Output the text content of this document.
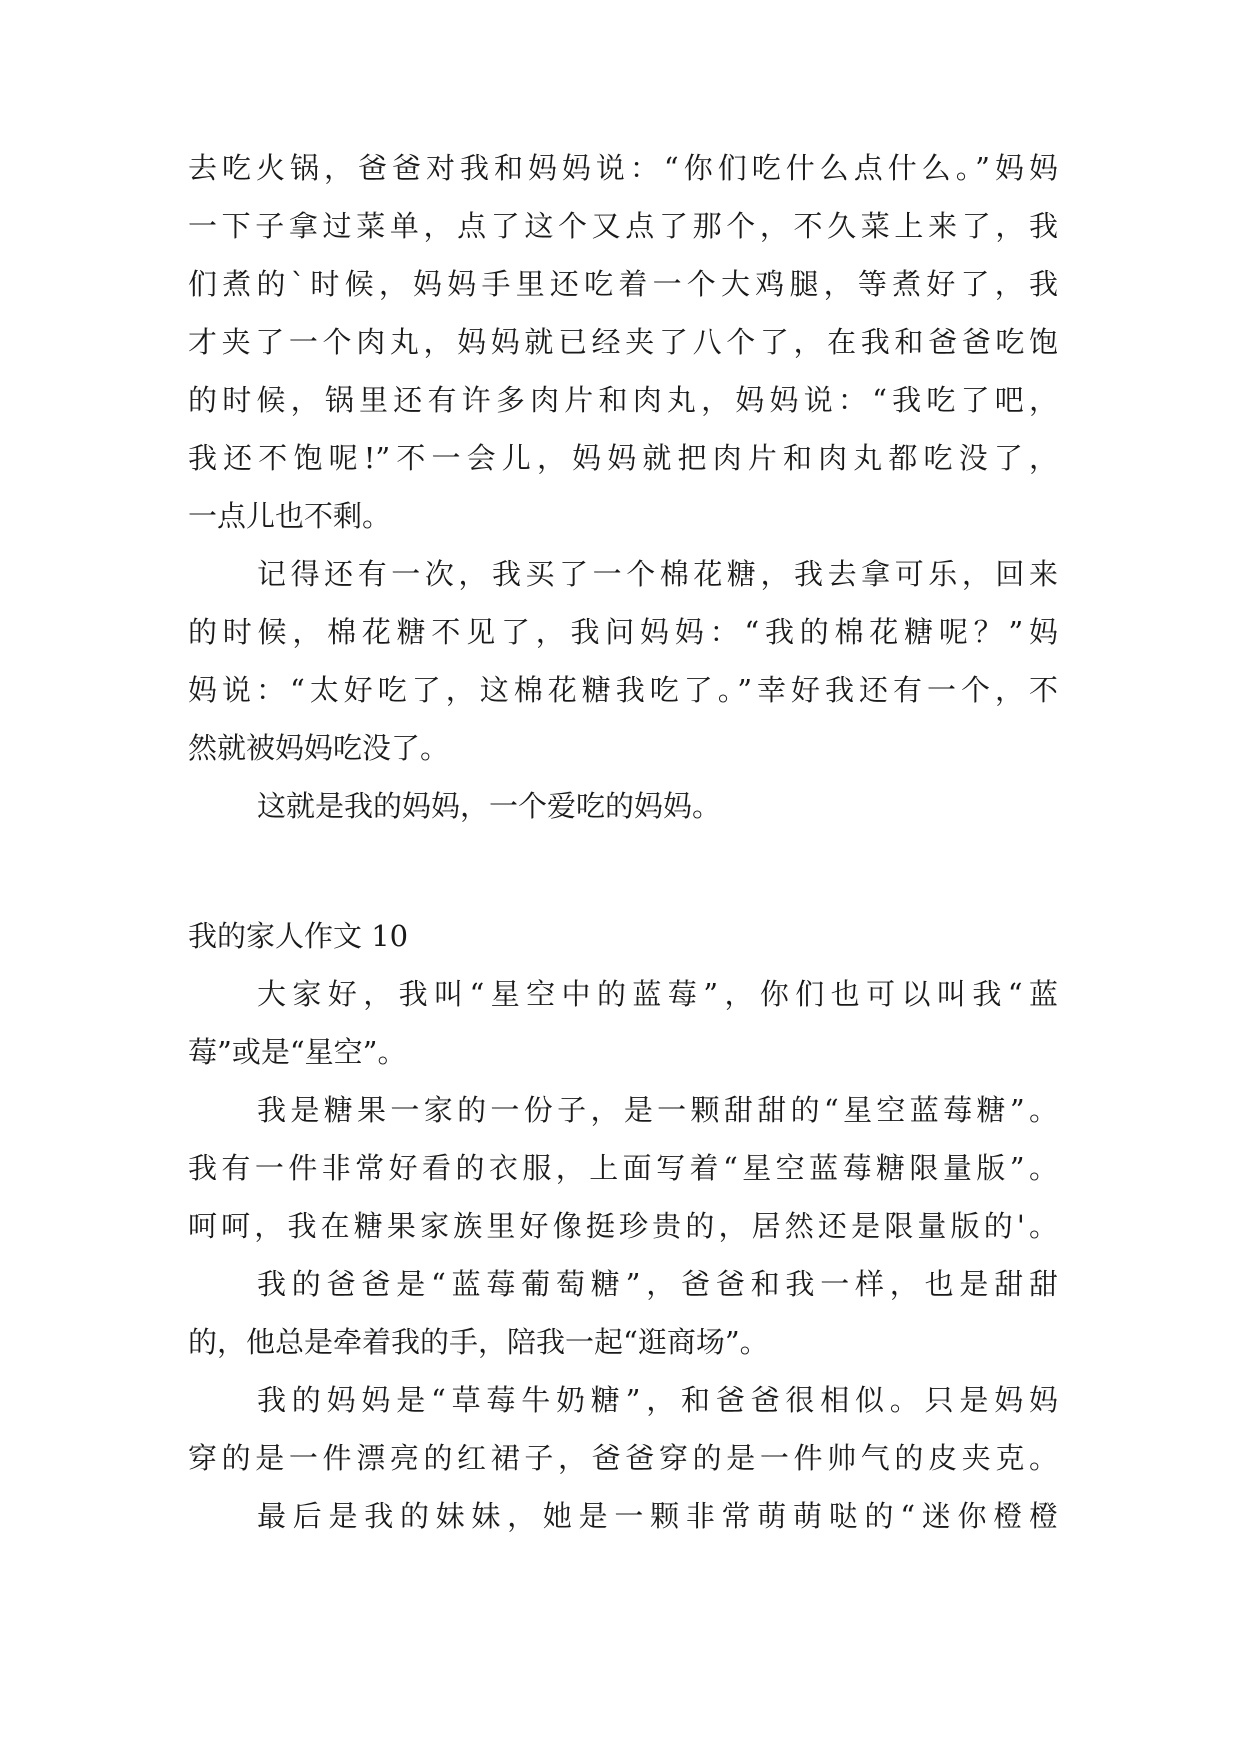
去吃火锅，爸爸对我和妈妈说：“你们吃什么点什么。”妈妈
一下子拿过菜单，点了这个又点了那个，不久菜上来了，我
们煮的`时候，妈妈手里还吃着一个大鸡腿，等煮好了，我
才夹了一个肉丸，妈妈就已经夹了八个了，在我和爸爸吃饱
的时候，锅里还有许多肉片和肉丸，妈妈说：“我吃了吧，
我还不饱呢!”不一会儿，妈妈就把肉片和肉丸都吃没了，
一点儿也不剩。
记得还有一次，我买了一个棉花糖，我去拿可乐，回来
的时候，棉花糖不见了，我问妈妈：“我的棉花糖呢？”妈
妈说：“太好吃了，这棉花糖我吃了。”幸好我还有一个，不
然就被妈妈吃没了。
这就是我的妈妈，一个爱吃的妈妈。
我的家人作文 10
大家好，我叫“星空中的蓝莓”，你们也可以叫我“蓝
莓”或是“星空”。
我是糖果一家的一份子，是一颗甜甜的“星空蓝莓糖”。
我有一件非常好看的衣服，上面写着“星空蓝莓糖限量版”。
呵呵，我在糖果家族里好像挺珍贵的，居然还是限量版的'。
我的爸爸是“蓝莓葡萄糖”，爸爸和我一样，也是甜甜
的，他总是牵着我的手，陪我一起“逛商场”。
我的妈妈是“草莓牛奶糖”，和爸爸很相似。只是妈妈
穿的是一件漂亮的红裙子，爸爸穿的是一件帅气的皮夹克。
最后是我的妹妹，她是一颗非常萌萌哒的“迷你橙橙
